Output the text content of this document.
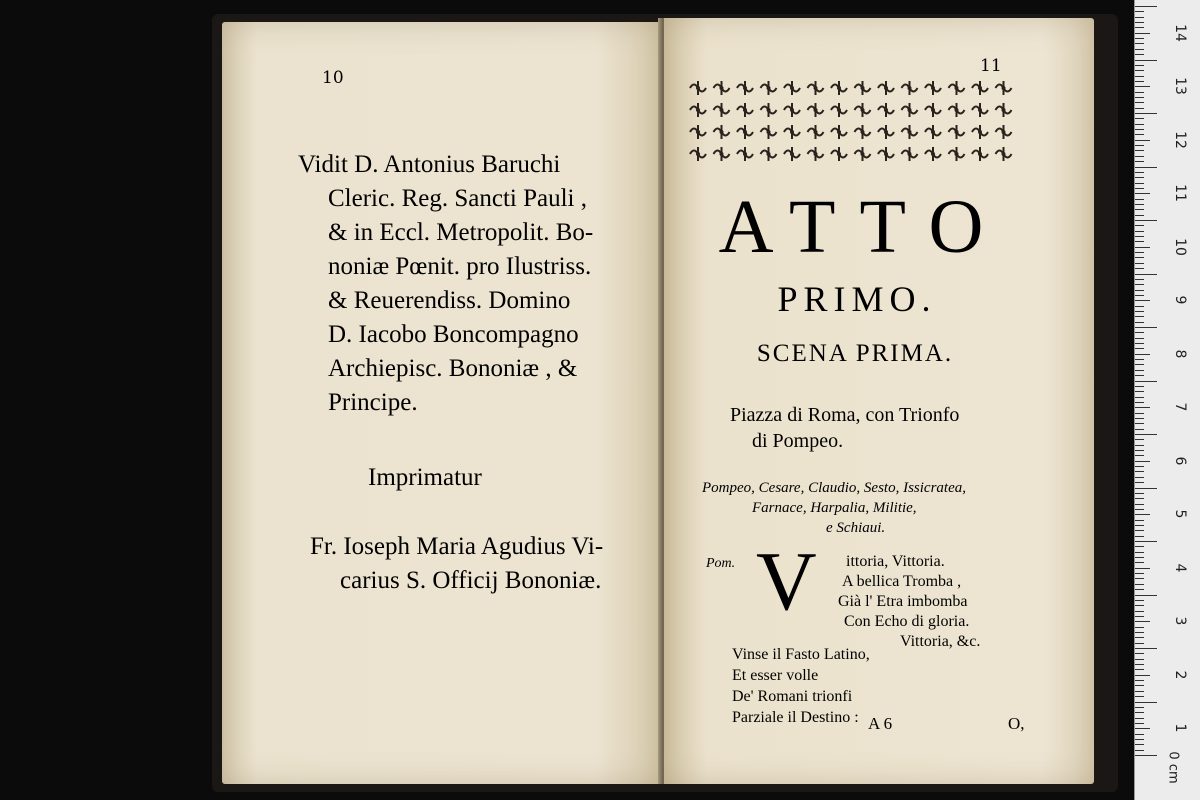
10
Vidit D. Antonius Baruchi
Cleric. Reg. Sancti Pauli ,
& in Eccl. Metropolit. Bo-
noniæ Pœnit. pro Ilustriss.
& Reuerendiss. Domino
D. Iacobo Boncompagno
Archiepisc. Bononiæ , &
Principe.
Imprimatur
Fr. Ioseph Maria Agudius Vi-
carius S. Officij Bononiæ.
11
ATTO
PRIMO.
SCENA PRIMA.
Piazza di Roma, con Trionfo
di Pompeo.
Pompeo, Cesare, Claudio, Sesto, Issicratea,
Farnace, Harpalia, Militie,
e Schiaui.
Pom. V	ittoria, Vittoria.
A bellica Tromba ,
Già l' Etra imbomba
Con Echo di gloria.
Vittoria, &c.
Vinse il Fasto Latino,
Et esser volle
De' Romani trionfi
Parziale il Destino : A 6	O,
0 cm
14
13
12
11
10
9
8
7
6
5
4
3
2
1
